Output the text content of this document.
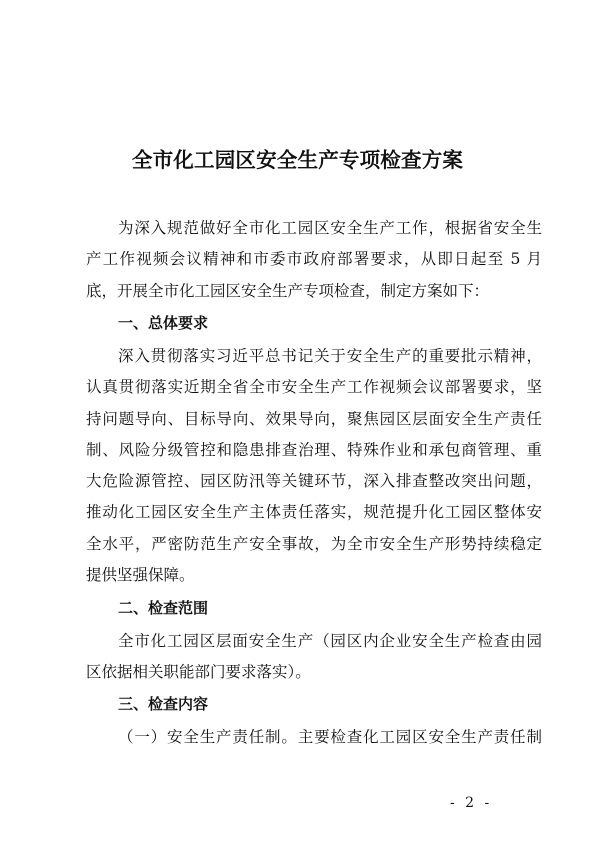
全市化工园区安全生产专项检查方案
为深入规范做好全市化工园区安全生产工作，根据省安全生
产工作视频会议精神和市委市政府部署要求，从即日起至 5 月
底，开展全市化工园区安全生产专项检查，制定方案如下：
一、总体要求
深入贯彻落实习近平总书记关于安全生产的重要批示精神，
认真贯彻落实近期全省全市安全生产工作视频会议部署要求，坚
持问题导向、目标导向、效果导向，聚焦园区层面安全生产责任
制、风险分级管控和隐患排查治理、特殊作业和承包商管理、重
大危险源管控、园区防汛等关键环节，深入排查整改突出问题，
推动化工园区安全生产主体责任落实，规范提升化工园区整体安
全水平，严密防范生产安全事故，为全市安全生产形势持续稳定
提供坚强保障。
二、检查范围
全市化工园区层面安全生产（园区内企业安全生产检查由园
区依据相关职能部门要求落实）。
三、检查内容
（一）安全生产责任制。主要检查化工园区安全生产责任制
- 2 -
